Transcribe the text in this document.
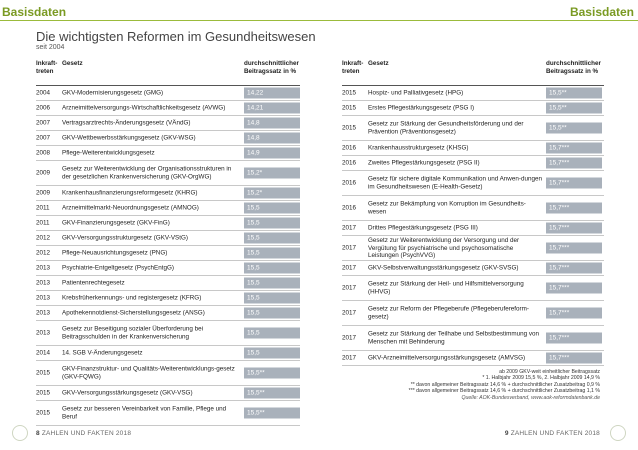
Basisdaten	Basisdaten
Die wichtigsten Reformen im Gesundheitswesen
seit 2004
Inkraft-
treten
Gesetz	durchschnittlicher
Beitragssatz in %
2004 GKV-Modernisierungsgesetz (GMG)	14,22
2006 Arzneimittelversorgungs-Wirtschaftlichkeitsgesetz (AVWG)	14,21
2007 Vertragsarztrechts-Änderungsgesetz (VÄndG)	14,8
2007 GKV-Wettbewerbsstärkungsgesetz (GKV-WSG)	14,8
2008 Pflege-Weiterentwicklungsgesetz	14,9
2009
Gesetz zur Weiterentwicklung der Organisationsstrukturen in der gesetzlichen Krankenversicherung (GKV-OrgWG)	15,2*
2009 Krankenhausfinanzierungsreformgesetz (KHRG)	15,2*
2011 Arzneimittelmarkt-Neuordnungsgesetz (AMNOG)	15,5
2011 GKV-Finanzierungsgesetz (GKV-FinG)	15,5
2012 GKV-Versorgungsstrukturgesetz (GKV-VStG)	15,5
2012 Pflege-Neuausrichtungsgesetz (PNG)	15,5
2013 Psychiatrie-Entgeltgesetz (PsychEntgG)	15,5
2013 Patientenrechtegesetz	15,5
2013 Krebsfrüherkennungs- und registergesetz (KFRG)	15,5
2013 Apothekennotdienst-Sicherstellungsgesetz (ANSG)	15,5
2013
Gesetz zur Beseitigung sozialer Überforderung bei Beitragsschulden in der Krankenversicherung	15,5
2014 14. SGB V-Änderungsgesetz	15,5
2015
GKV-Finanzstruktur- und Qualitäts-Weiterentwicklungs-gesetz (GKV-FQWG)	15,5**
2015 GKV-Versorgungsstärkungsgesetz (GKV-VSG)	15,5**
2015
Gesetz zur besseren Vereinbarkeit von Familie, Pflege und Beruf	15,5**
Inkraft-
treten
Gesetz	durchschnittlicher
Beitragssatz in %
2015 Hospiz- und Palliativgesetz (HPG)	15,5**
2015 Erstes Pflegestärkungsgesetz (PSG I)	15,5**
2015
Gesetz zur Stärkung der Gesundheitsförderung und der Prävention (Präventionsgesetz)	15,5**
2016 Krankenhausstrukturgesetz (KHSG)	15,7***
2016 Zweites Pflegestärkungsgesetz (PSG II)	15,7***
2016
Gesetz für sichere digitale Kommunikation und Anwen-dungen im Gesundheitswesen (E-Health-Gesetz)	15,7***
2016
Gesetz zur Bekämpfung von Korruption im Gesundheits-wesen	15,7***
2017 Drittes Pflegestärkungsgesetz (PSG III)	15,7***
2017
Gesetz zur Weiterentwicklung der Versorgung und der Vergütung für psychiatrische und psychosomatische Leistungen (PsychVVG)
15,7***
2017 GKV-Selbstverwaltungsstärkungsgesetz (GKV-SVSG)	15,7***
2017
Gesetz zur Stärkung der Heil- und Hilfsmittelversorgung (HHVG)	15,7***
2017
Gesetz zur Reform der Pflegeberufe (Pflegeberufereform-gesetz)	15,7***
2017
Gesetz zur Stärkung der Teilhabe und Selbstbestimmung von Menschen mit Behinderung	15,7***
2017 GKV-Arzneimittelversorgungsstärkungsgesetz (AMVSG)	15,7***
ab 2009 GKV-weit einheitlicher Beitragssatz
* 1. Halbjahr 2009 15,5 %, 2. Halbjahr 2009 14,9 %
** davon allgemeiner Beitragssatz 14,6 % + durchschnittlicher Zusatzbeitrag 0,9 %
*** davon allgemeiner Beitragssatz 14,6 % + durchschnittlicher Zusatzbeitrag 1,1 %
Quelle: AOK-Bundesverband, www.aok-reformdatenbank.de
8 ZAHLEN UND FAKTEN 2018	9 ZAHLEN UND FAKTEN 2018
